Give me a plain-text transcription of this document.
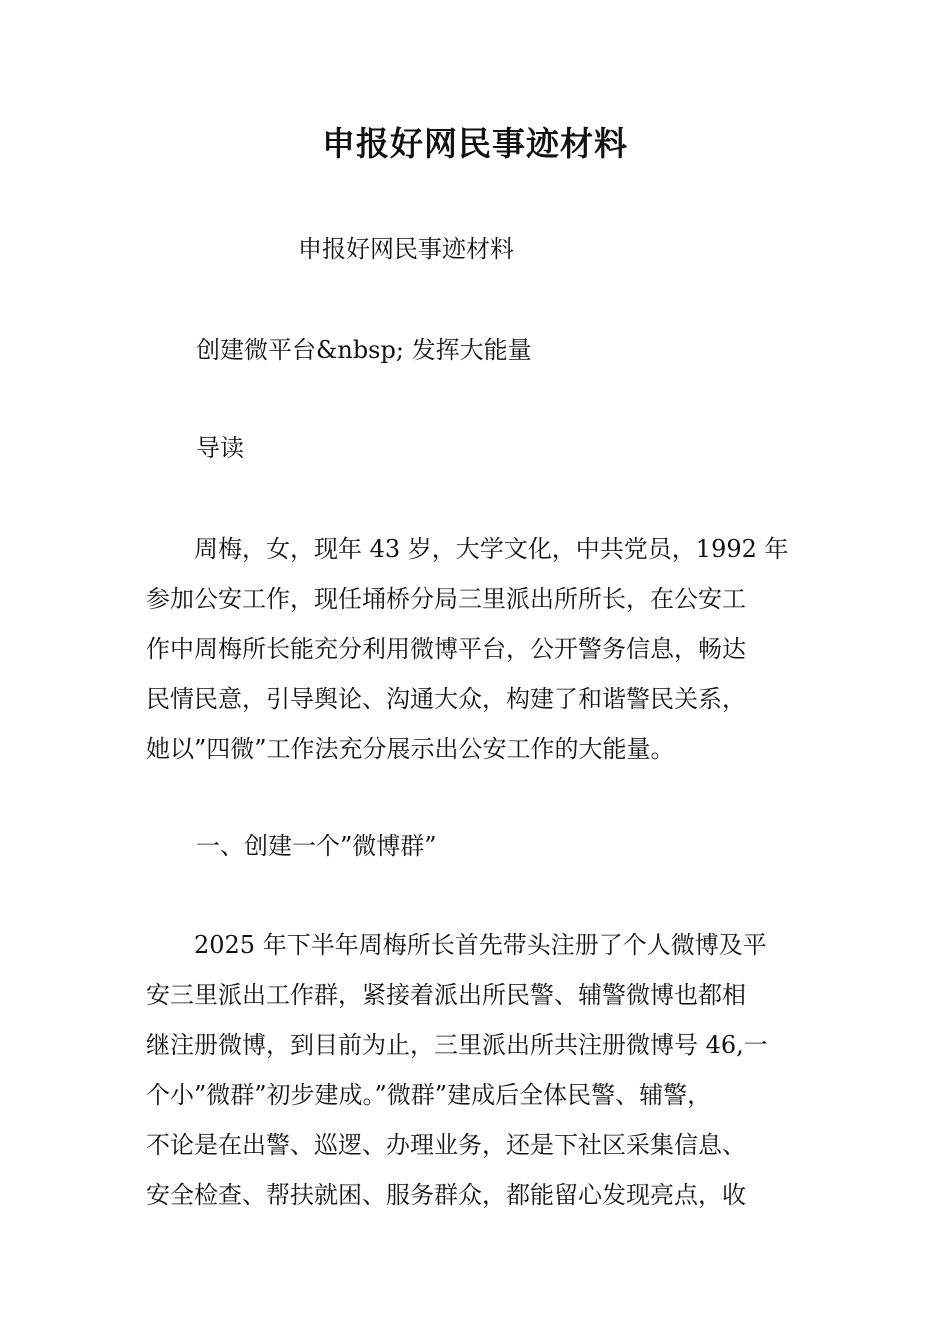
申报好网民事迹材料

申报好网民事迹材料

创建微平台&nbsp; 发挥大能量

导读

　　周梅，女，现年 43 岁，大学文化，中共党员，1992 年
参加公安工作，现任埇桥分局三里派出所所长，在公安工
作中周梅所长能充分利用微博平台，公开警务信息，畅达
民情民意，引导舆论、沟通大众，构建了和谐警民关系，
她以”四微”工作法充分展示出公安工作的大能量。

一、创建一个”微博群”

　　2025 年下半年周梅所长首先带头注册了个人微博及平
安三里派出工作群，紧接着派出所民警、辅警微博也都相
继注册微博，到目前为止，三里派出所共注册微博号 46,一
个小”微群”初步建成。”微群”建成后全体民警、辅警，
不论是在出警、巡逻、办理业务，还是下社区采集信息、
安全检查、帮扶就困、服务群众，都能留心发现亮点，收
